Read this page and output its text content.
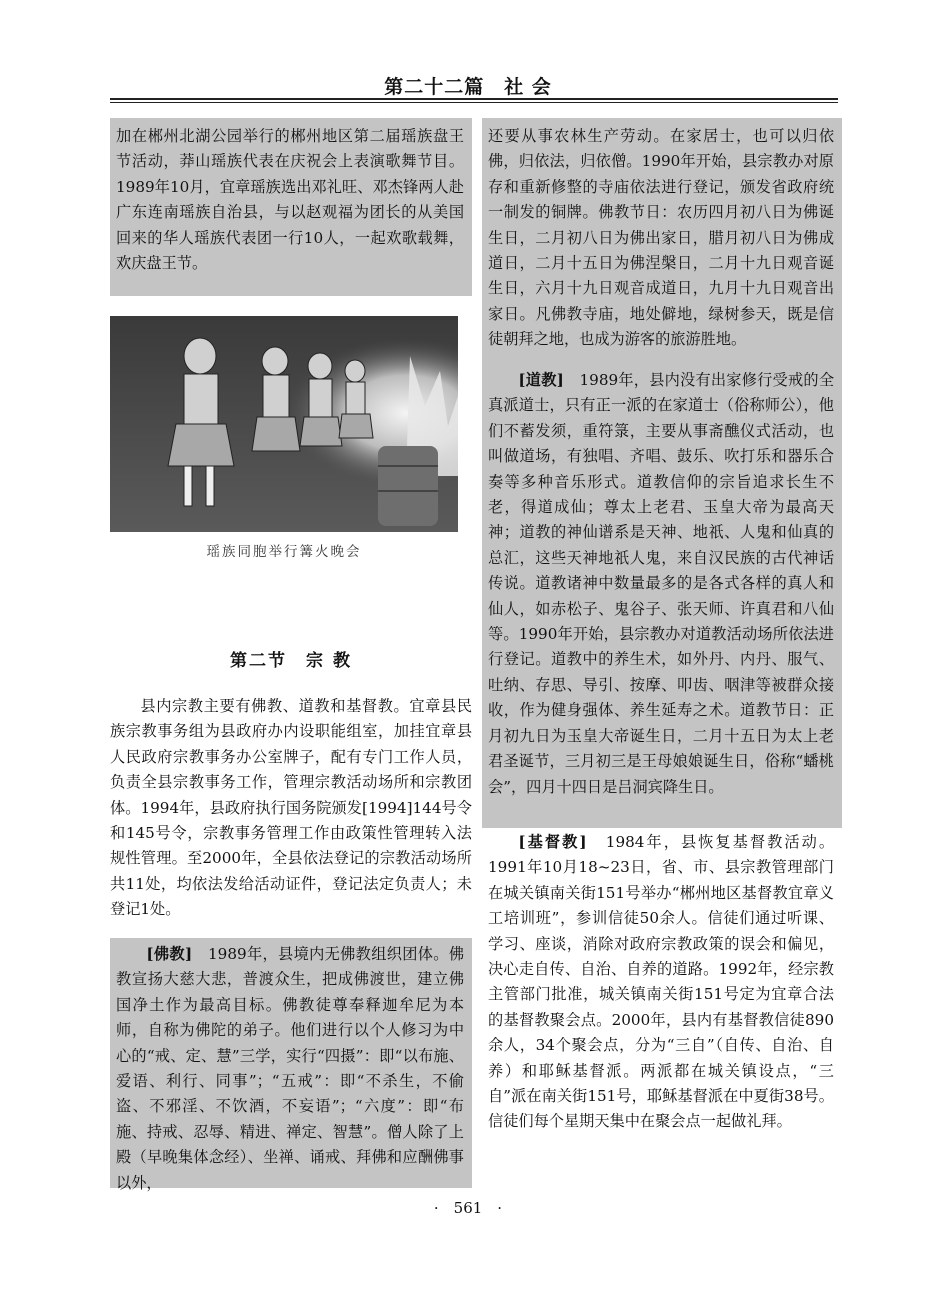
第二十二篇　社 会

加在郴州北湖公园举行的郴州地区第二届瑶族盘王节活动，莽山瑶族代表在庆祝会上表演歌舞节目。1989年10月，宜章瑶族选出邓礼旺、邓杰锋两人赴广东连南瑶族自治县，与以赵观福为团长的从美国回来的华人瑶族代表团一行10人，一起欢歌载舞，欢庆盘王节。

瑶族同胞举行篝火晚会
第二节　宗 教

县内宗教主要有佛教、道教和基督教。宜章县民族宗教事务组为县政府办内设职能组室，加挂宜章县人民政府宗教事务办公室牌子，配有专门工作人员，负责全县宗教事务工作，管理宗教活动场所和宗教团体。1994年，县政府执行国务院颁发[1994]144号令和145号令，宗教事务管理工作由政策性管理转入法规性管理。至2000年，全县依法登记的宗教活动场所共11处，均依法发给活动证件，登记法定负责人；未登记1处。

[佛教]　1989年，县境内无佛教组织团体。佛教宣扬大慈大悲，普渡众生，把成佛渡世，建立佛国净土作为最高目标。佛教徒尊奉释迦牟尼为本师，自称为佛陀的弟子。他们进行以个人修习为中心的“戒、定、慧”三学，实行“四摄”：即“以布施、爱语、利行、同事”；“五戒”：即“不杀生，不偷盗、不邪淫、不饮酒，不妄语”；“六度”：即“布施、持戒、忍辱、精进、禅定、智慧”。僧人除了上殿（早晚集体念经）、坐禅、诵戒、拜佛和应酬佛事以外，

还要从事农林生产劳动。在家居士，也可以归依佛，归依法，归依僧。1990年开始，县宗教办对原存和重新修整的寺庙依法进行登记，颁发省政府统一制发的铜牌。佛教节日：农历四月初八日为佛诞生日，二月初八日为佛出家日，腊月初八日为佛成道日，二月十五日为佛涅槃日，二月十九日观音诞生日，六月十九日观音成道日，九月十九日观音出家日。凡佛教寺庙，地处僻地，绿树参天，既是信徒朝拜之地，也成为游客的旅游胜地。

[道教]　1989年，县内没有出家修行受戒的全真派道士，只有正一派的在家道士（俗称师公），他们不蓄发须，重符箓，主要从事斋醮仪式活动，也叫做道场，有独唱、齐唱、鼓乐、吹打乐和器乐合奏等多种音乐形式。道教信仰的宗旨追求长生不老，得道成仙；尊太上老君、玉皇大帝为最高天神；道教的神仙谱系是天神、地祇、人鬼和仙真的总汇，这些天神地祇人鬼，来自汉民族的古代神话传说。道教诸神中数量最多的是各式各样的真人和仙人，如赤松子、鬼谷子、张天师、许真君和八仙等。1990年开始，县宗教办对道教活动场所依法进行登记。道教中的养生术，如外丹、内丹、服气、吐纳、存思、导引、按摩、叩齿、咽津等被群众接收，作为健身强体、养生延寿之术。道教节日：正月初九日为玉皇大帝诞生日，二月十五日为太上老君圣诞节，三月初三是王母娘娘诞生日，俗称“蟠桃会”，四月十四日是吕洞宾降生日。

[基督教]　1984年，县恢复基督教活动。1991年10月18~23日，省、市、县宗教管理部门在城关镇南关街151号举办“郴州地区基督教宜章义工培训班”，参训信徒50余人。信徒们通过听课、学习、座谈，消除对政府宗教政策的误会和偏见，决心走自传、自治、自养的道路。1992年，经宗教主管部门批准，城关镇南关街151号定为宜章合法的基督教聚会点。2000年，县内有基督教信徒890余人，34个聚会点，分为“三自”（自传、自治、自养）和耶稣基督派。两派都在城关镇设点，“三自”派在南关街151号，耶稣基督派在中夏街38号。信徒们每个星期天集中在聚会点一起做礼拜。

·　561　·
